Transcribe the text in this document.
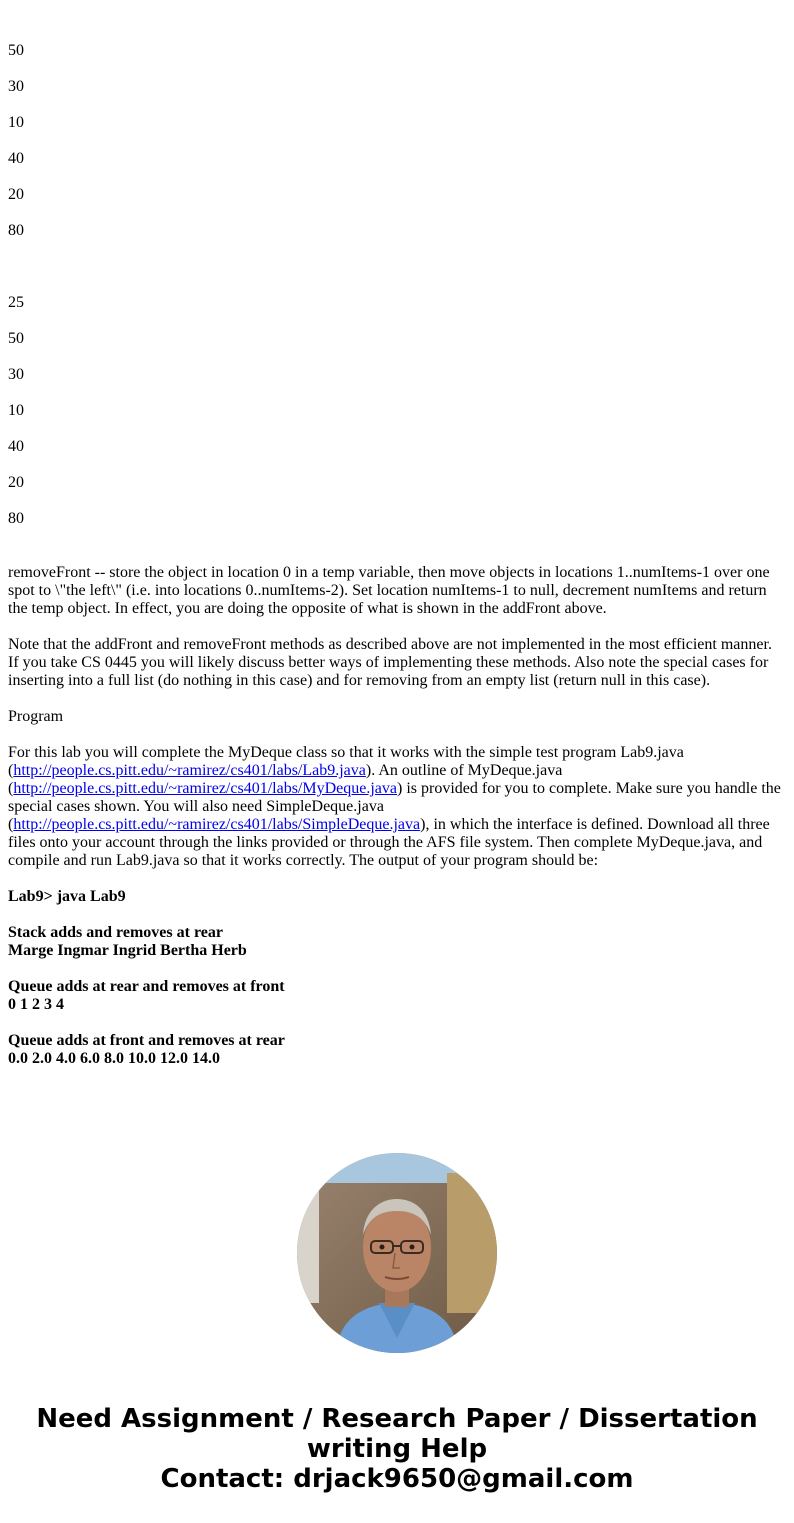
50
30
10
40
20
80
25
50
30
10
40
20
80

removeFront -- store the object in location 0 in a temp variable, then move objects in locations 1..numItems-1 over one spot to \"the left\" (i.e. into locations 0..numItems-2). Set location numItems-1 to null, decrement numItems and return the temp object. In effect, you are doing the opposite of what is shown in the addFront above.

Note that the addFront and removeFront methods as described above are not implemented in the most efficient manner. If you take CS 0445 you will likely discuss better ways of implementing these methods. Also note the special cases for inserting into a full list (do nothing in this case) and for removing from an empty list (return null in this case).

Program

For this lab you will complete the MyDeque class so that it works with the simple test program Lab9.java (http://people.cs.pitt.edu/~ramirez/cs401/labs/Lab9.java). An outline of MyDeque.java (http://people.cs.pitt.edu/~ramirez/cs401/labs/MyDeque.java) is provided for you to complete. Make sure you handle the special cases shown. You will also need SimpleDeque.java (http://people.cs.pitt.edu/~ramirez/cs401/labs/SimpleDeque.java), in which the interface is defined. Download all three files onto your account through the links provided or through the AFS file system. Then complete MyDeque.java, and compile and run Lab9.java so that it works correctly. The output of your program should be:

Lab9> java Lab9
Stack adds and removes at rear
Marge Ingmar Ingrid Bertha Herb
Queue adds at rear and removes at front
0 1 2 3 4
Queue adds at front and removes at rear
0.0 2.0 4.0 6.0 8.0 10.0 12.0 14.0
Need Assignment / Research Paper / Dissertation
writing Help
Contact: drjack9650@gmail.com
